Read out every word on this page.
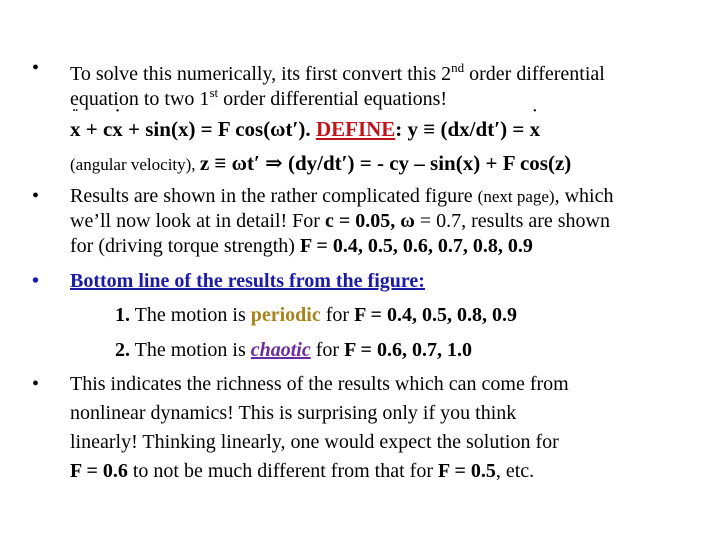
• To solve this numerically, its first convert this 2nd order differential
equation to two 1st order differential equations!
¨ x + c˙ x + sin(x) = F cos(ωt′). DEFINE: y ≡ (dx/dt′) = ˙ x
(angular velocity), z ≡ ωt′ ⇒ (dy/dt′) = - cy – sin(x) + F cos(z)
• Results are shown in the rather complicated figure (next page), which
we’ll now look at in detail! For c = 0.05, ω = 0.7, results are shown
for (driving torque strength) F = 0.4, 0.5, 0.6, 0.7, 0.8, 0.9
• Bottom line of the results from the figure:
1. The motion is periodic for F = 0.4, 0.5, 0.8, 0.9
2. The motion is chaotic for F = 0.6, 0.7, 1.0
• This indicates the richness of the results which can come from
nonlinear dynamics! This is surprising only if you think
linearly! Thinking linearly, one would expect the solution for
F = 0.6 to not be much different from that for F = 0.5, etc.
